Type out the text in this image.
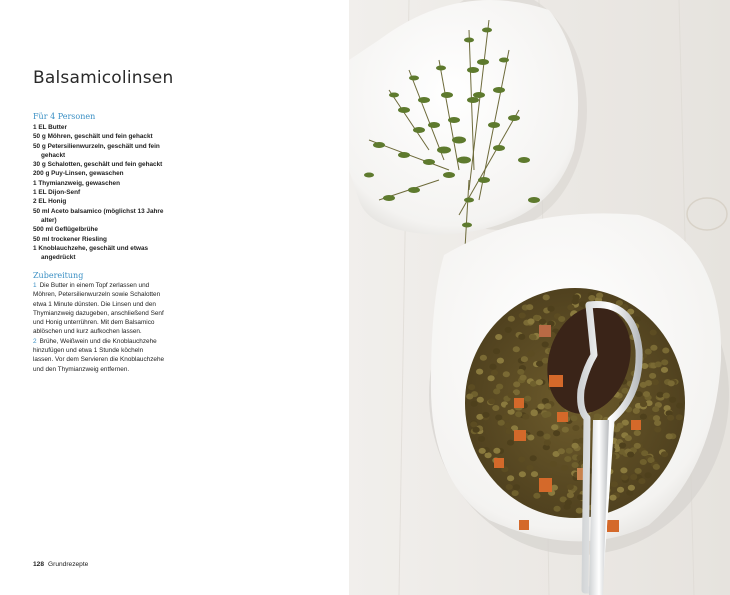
Balsamicolinsen
Für 4 Personen
1 EL Butter
50 g Möhren, geschält und fein gehackt
50 g Petersilienwurzeln, geschält und fein gehackt
30 g Schalotten, geschält und fein gehackt
200 g Puy-Linsen, gewaschen
1 Thymianzweig, gewaschen
1 EL Dijon-Senf
2 EL Honig
50 ml Aceto balsamico (möglichst 13 Jahre alter)
500 ml Geflügelbrühe
50 ml trockener Riesling
1 Knoblauchzehe, geschält und etwas angedrückt
Zubereitung
1 Die Butter in einem Topf zerlassen und Möhren, Petersilienwurzeln sowie Schalotten etwa 1 Minute dünsten. Die Linsen und den Thymianzweig dazugeben, anschließend Senf und Honig unterrühren. Mit dem Balsamico ablöschen und kurz aufkochen lassen.
2 Brühe, Weißwein und die Knoblauchzehe hinzufügen und etwa 1 Stunde köcheln lassen. Vor dem Servieren die Knoblauchzehe und den Thymianzweig entfernen.
128 Grundrezepte
